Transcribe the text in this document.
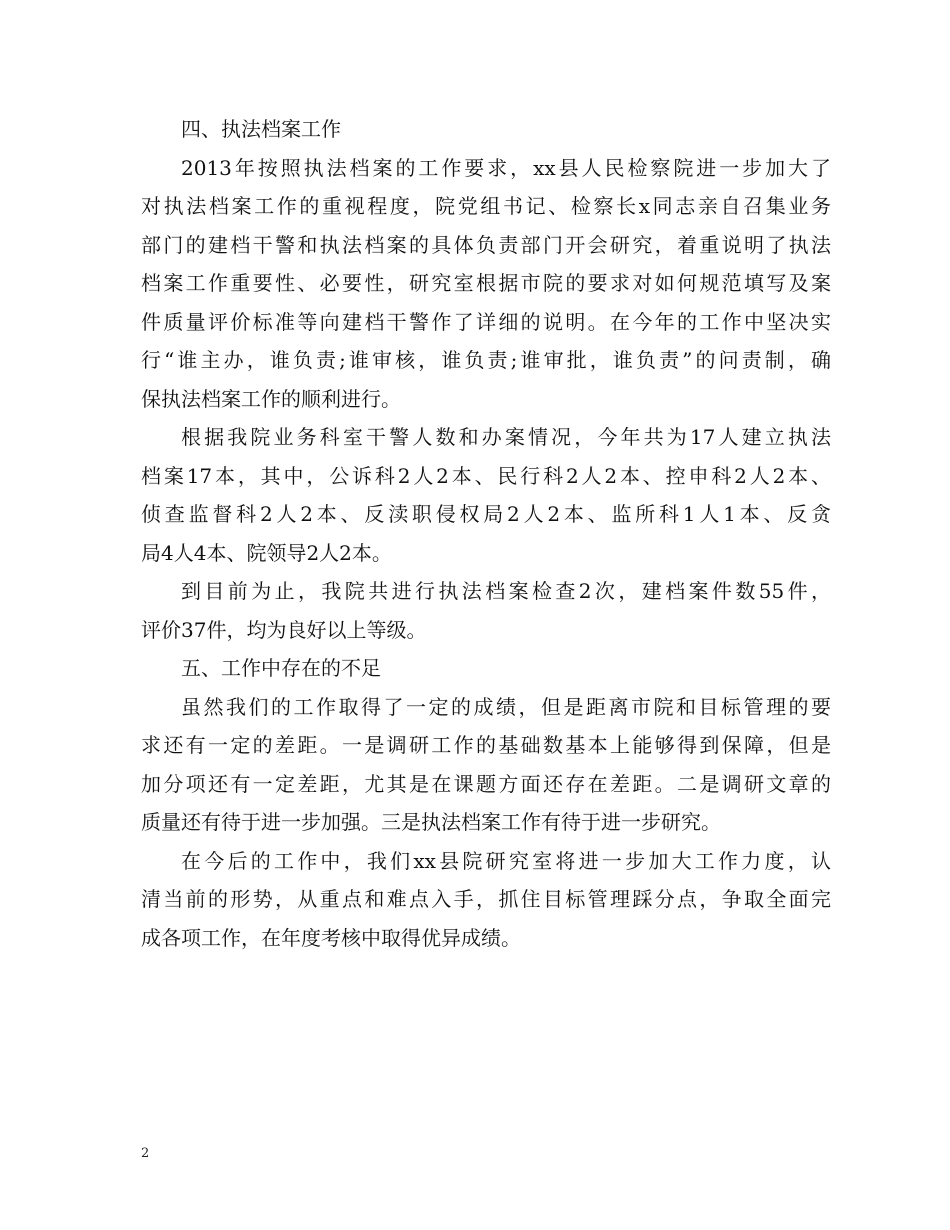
四、执法档案工作
2013年按照执法档案的工作要求，xx县人民检察院进一步加大了
对执法档案工作的重视程度，院党组书记、检察长x同志亲自召集业务
部门的建档干警和执法档案的具体负责部门开会研究，着重说明了执法
档案工作重要性、必要性，研究室根据市院的要求对如何规范填写及案
件质量评价标准等向建档干警作了详细的说明。在今年的工作中坚决实
行“谁主办，谁负责;谁审核，谁负责;谁审批，谁负责”的问责制，确
保执法档案工作的顺利进行。
根据我院业务科室干警人数和办案情况，今年共为17人建立执法
档案17本，其中，公诉科2人2本、民行科2人2本、控申科2人2本、
侦查监督科2人2本、反渎职侵权局2人2本、监所科1人1本、反贪
局4人4本、院领导2人2本。
到目前为止，我院共进行执法档案检查2次，建档案件数55件，
评价37件，均为良好以上等级。
五、工作中存在的不足
虽然我们的工作取得了一定的成绩，但是距离市院和目标管理的要
求还有一定的差距。一是调研工作的基础数基本上能够得到保障，但是
加分项还有一定差距，尤其是在课题方面还存在差距。二是调研文章的
质量还有待于进一步加强。三是执法档案工作有待于进一步研究。
在今后的工作中，我们xx县院研究室将进一步加大工作力度，认
清当前的形势，从重点和难点入手，抓住目标管理踩分点，争取全面完
成各项工作，在年度考核中取得优异成绩。
2
